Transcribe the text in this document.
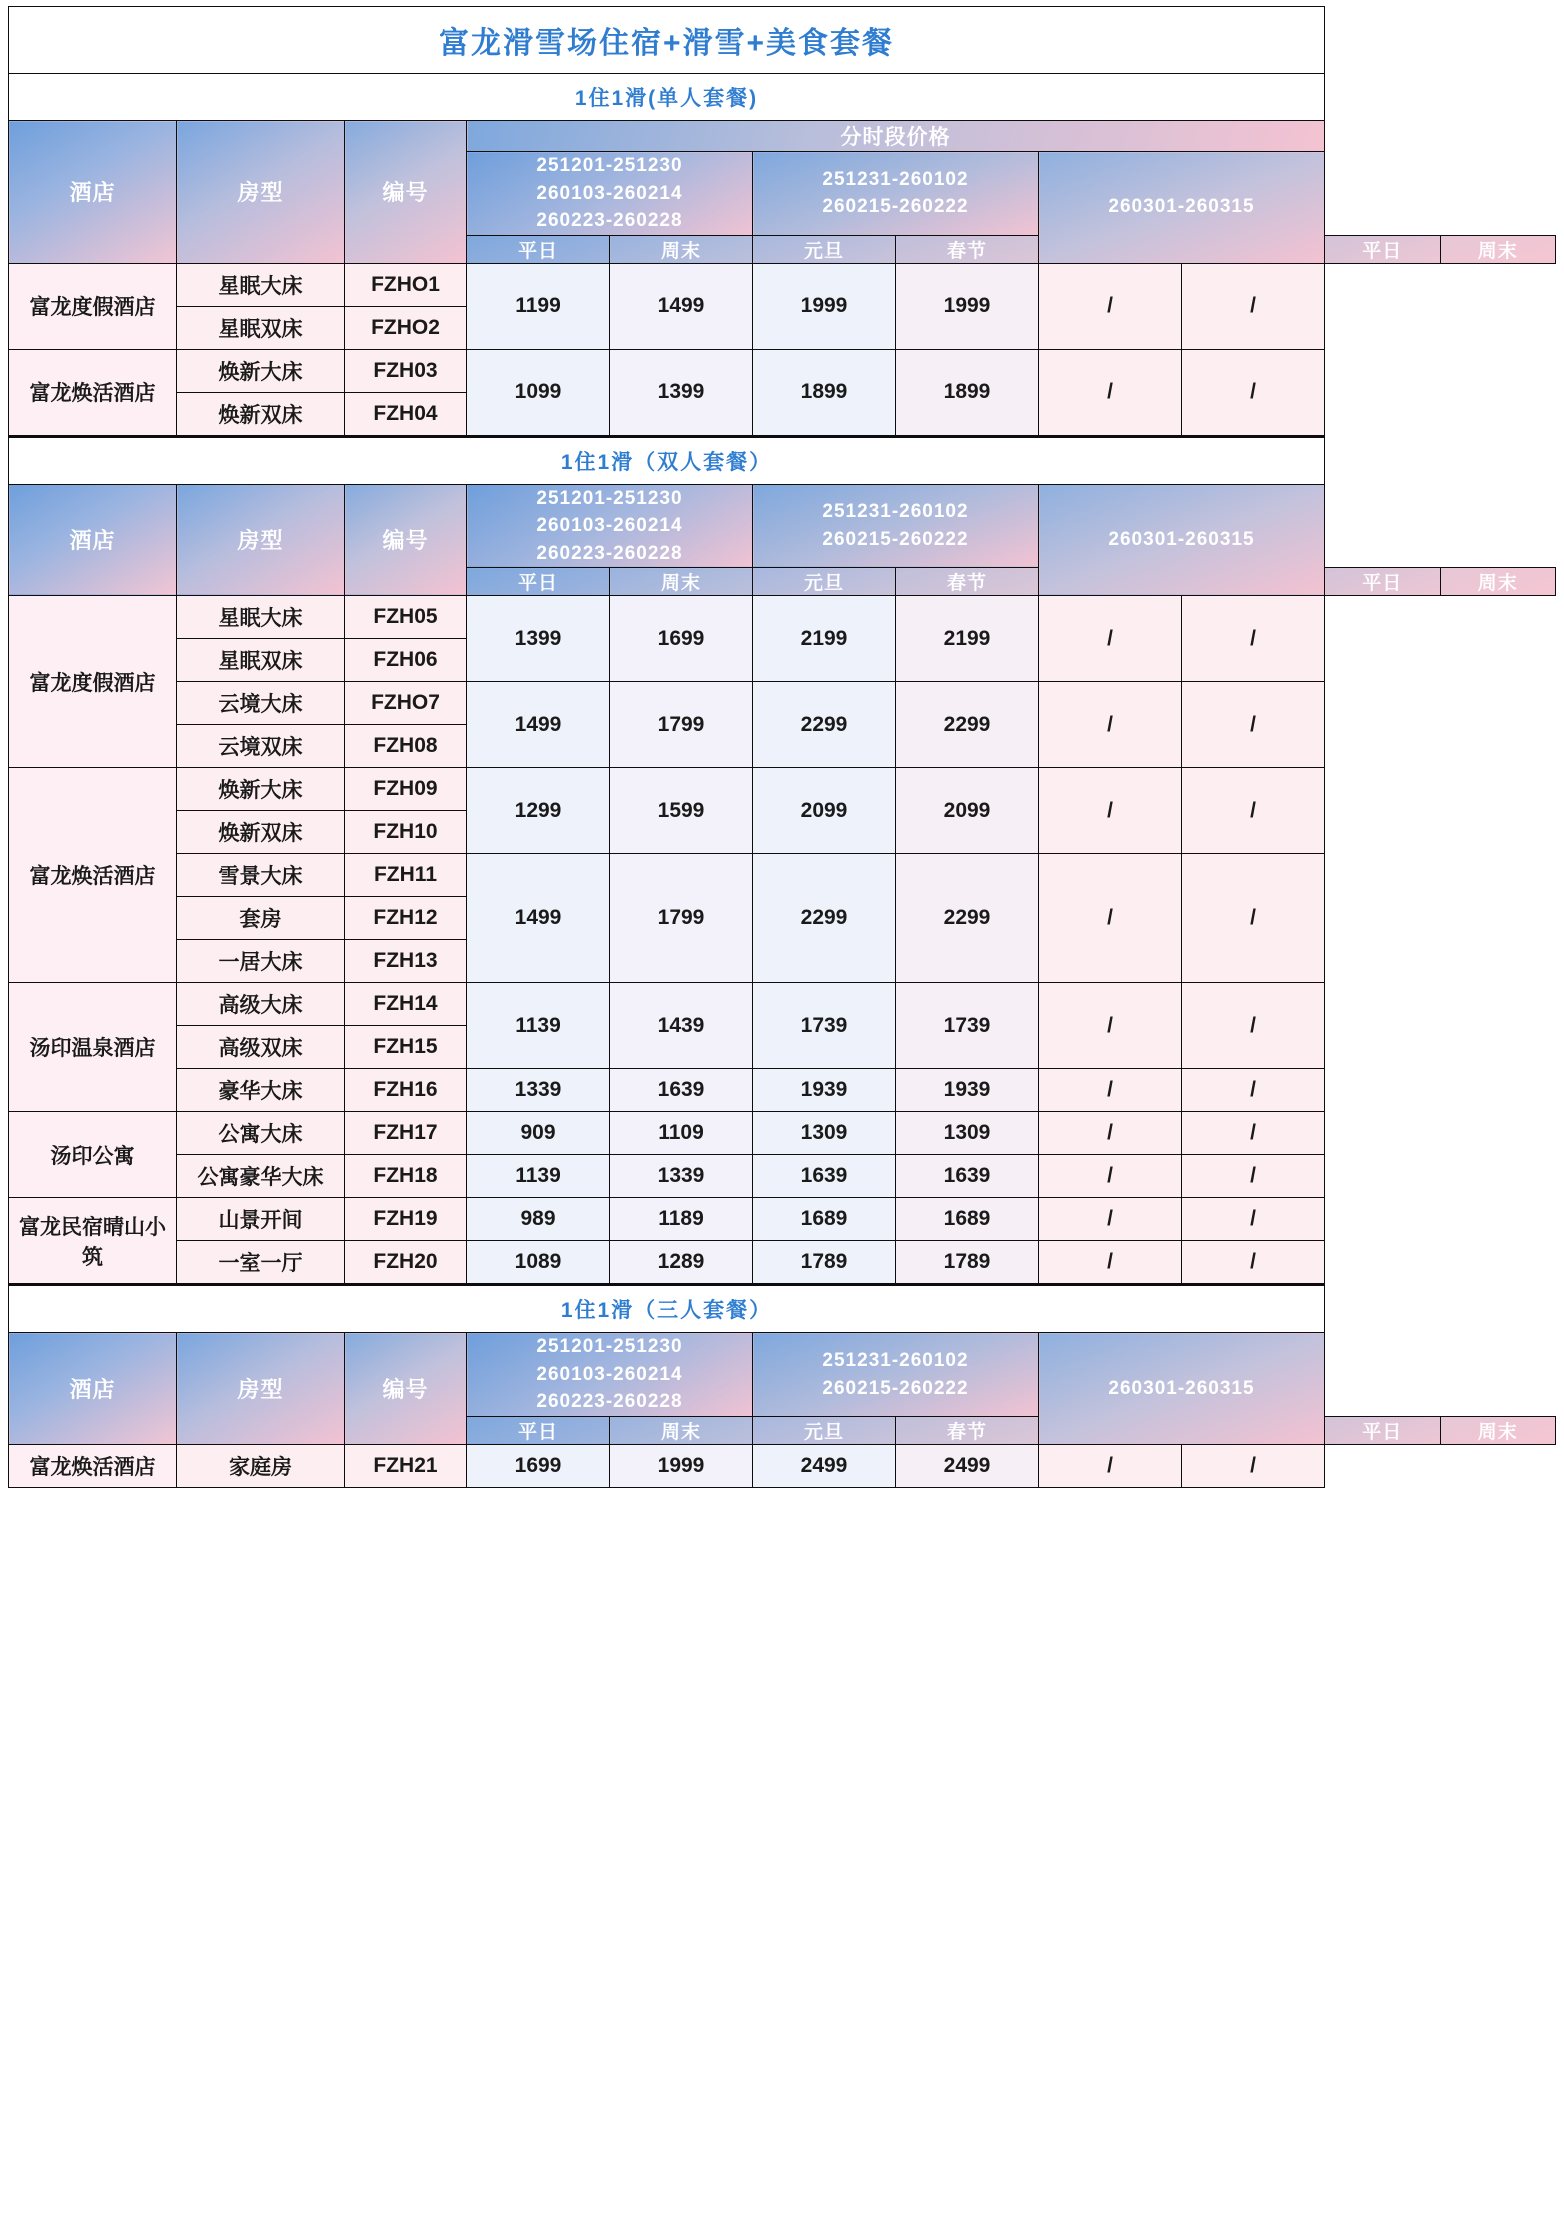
富龙滑雪场住宿+滑雪+美食套餐										
1住1滑(单人套餐)										
酒店	房型	编号	分时段价格							
			251201-251230
260103-260214
260223-260228		251231-260102
260215-260222		260301-260315			
			平日	周末	元旦	春节			平日	周末
富龙度假酒店	星眠大床	FZHO1	1199	1499	1999	1999	/	/		
	星眠双床	FZHO2								
富龙焕活酒店	焕新大床	FZH03	1099	1399	1899	1899	/	/		
	焕新双床	FZH04								
1住1滑（双人套餐）										
酒店	房型	编号	251201-251230
260103-260214
260223-260228		251231-260102
260215-260222		260301-260315			
			平日	周末	元旦	春节			平日	周末
富龙度假酒店	星眠大床	FZH05	1399	1699	2199	2199	/	/		
	星眠双床	FZH06								
	云境大床	FZHO7	1499	1799	2299	2299	/	/		
	云境双床	FZH08								
富龙焕活酒店	焕新大床	FZH09	1299	1599	2099	2099	/	/		
	焕新双床	FZH10								
	雪景大床	FZH11	1499	1799	2299	2299	/	/		
	套房	FZH12								
	一居大床	FZH13								
汤印温泉酒店	高级大床	FZH14	1139	1439	1739	1739	/	/		
	高级双床	FZH15								
	豪华大床	FZH16	1339	1639	1939	1939	/	/		
汤印公寓	公寓大床	FZH17	909	1109	1309	1309	/	/		
	公寓豪华大床	FZH18	1139	1339	1639	1639	/	/		
富龙民宿晴山小筑	山景开间	FZH19	989	1189	1689	1689	/	/		
	一室一厅	FZH20	1089	1289	1789	1789	/	/		
1住1滑（三人套餐）										
酒店	房型	编号	251201-251230
260103-260214
260223-260228		251231-260102
260215-260222		260301-260315			
			平日	周末	元旦	春节			平日	周末
富龙焕活酒店	家庭房	FZH21	1699	1999	2499	2499	/	/		
